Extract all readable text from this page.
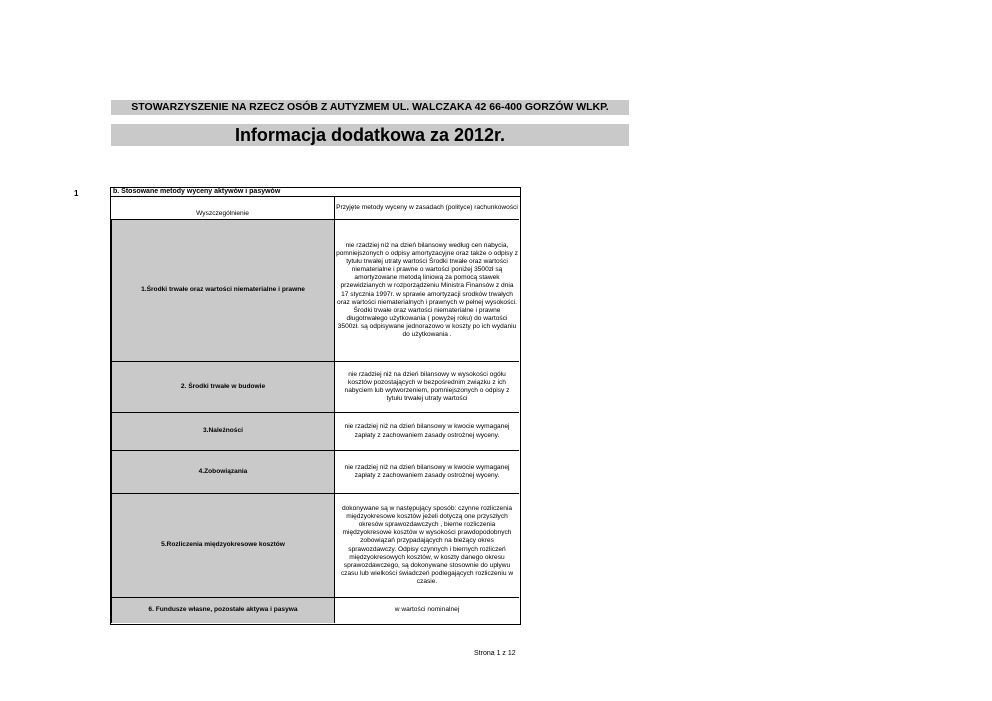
STOWARZYSZENIE NA RZECZ OSÓB Z AUTYZMEM UL. WALCZAKA 42 66-400 GORZÓW WLKP.
Informacja dodatkowa za 2012r.
1	b. Stosowane metody wyceny aktywów i pasywów
Wyszczególnienie
Przyjęte metody wyceny w zasadach (polityce) rachunkowości
1.Środki trwałe oraz wartości niematerialne i prawne
nie rzadziej niż na dzień bilansowy według cen nabycia, pomniejszonych o odpisy amortyzacyjne oraz także o odpisy z tytułu trwałej utraty wartości Środki trwałe oraz wartości niematerialne i prawne o wartości poniżej 3500zł są amortyzowane metodą liniową za pomocą stawek przewidzianych w rozporządzeniu Ministra Finansów z dnia 17 stycznia 1997r. w sprawie amortyzacji srodków trwałych oraz wartości niematerialnych i prawnych w pełnej wysokości. Środki trwałe oraz wartości niematerialne i prawne długotrwałego użytkowania ( powyżej roku) do wartości 3500zł. są odpisywane jednorazowo w koszty po ich wydaniu do użytkowania .
2. Środki trwałe w budowie
nie rzadziej niż na dzień bilansowy w wysokości ogółu kosztów pozostających w bezpośrednim związku z ich nabyciem lub wytworzeniem, pomniejszonych o odpisy z tytułu trwałej utraty wartości
3.Należności
nie rzadziej niż na dzień bilansowy w kwocie wymaganej zapłaty z zachowaniem zasady ostrożnej wyceny.
4.Zobowiązania
nie rzadziej niż na dzień bilansowy w kwocie wymaganej zapłaty z zachowaniem zasady ostrożnej wyceny.
5.Rozliczenia międzyokresowe kosztów
dokonywane są w następujący sposób: czynne rozliczenia międzyokresowe kosztów jeżeli dotyczą one przyszłych okresów sprawozdawczych , bierne rozliczenia międzyokresowe kosztów w wysokości prawdopodobnych zobowiązań przypadających na bieżący okres sprawozdawczy. Odpisy czynnych i biernych rozliczeń międzyokresowych kosztów, w koszty danego okresu sprawozdawczego, są dokonywane stosownie do upływu czasu lub wielkości świadczeń podlegających rozliczeniu w czasie.
6. Fundusze własne, pozostałe aktywa i pasywa	w wartości nominalnej
Strona 1 z 12
